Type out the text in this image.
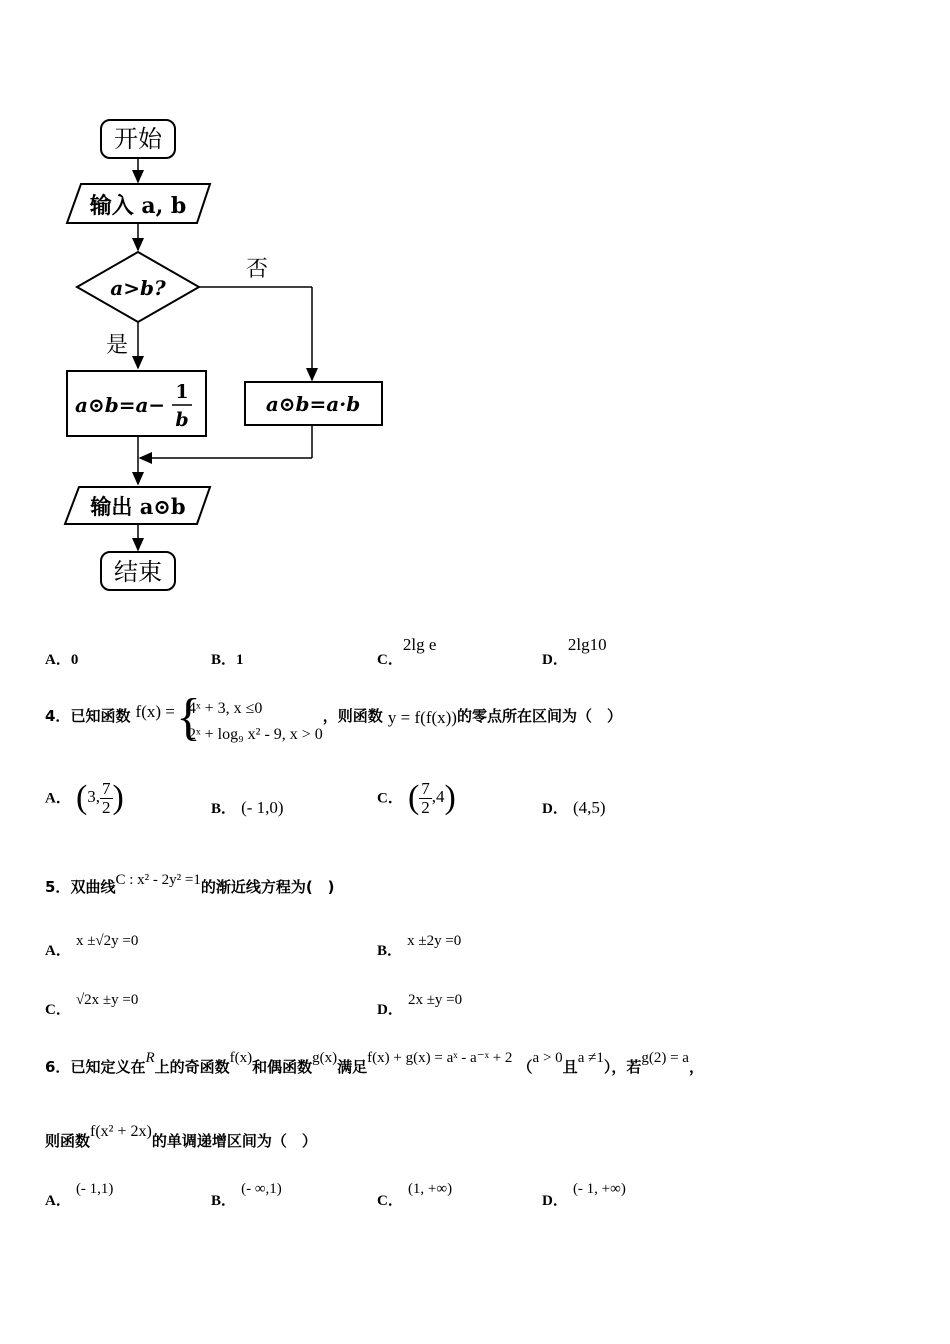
开始
输入 a, b
a>b?
否
是
a⊙b=a−
1
b
a⊙b=a·b
输出 a⊙b
结束
A．0	B．1	C．2lg e
D．2lg10
4．已知函数 f(x) = {
4ˣ + 3, x ≤0
2ˣ + log₉ x² - 9, x > 0
，则函数 y = f(f(x))的零点所在区间为（　）
A． (3, $\frac{7}{2}$ )	B． (- 1,0)	C． ( $\frac{7}{2} ,4$)	D． (4,5)
5．双曲线C : x² - 2y² =1的渐近线方程为(　)
A． x ±√2y =0
B． x ±2y =0
C． √2x ±y =0
D． 2x ±y =0
6．已知定义在R上的奇函数f(x)和偶函数g(x)满足f(x) + g(x) = aˣ - a⁻ˣ + 2 （a > 0且a ≠1），若g(2) = a，
则函数f(x² + 2x)的单调递增区间为（　）
A． (- 1,1)
B． (- ∞,1)
C． (1, +∞)
D． (- 1, +∞)
